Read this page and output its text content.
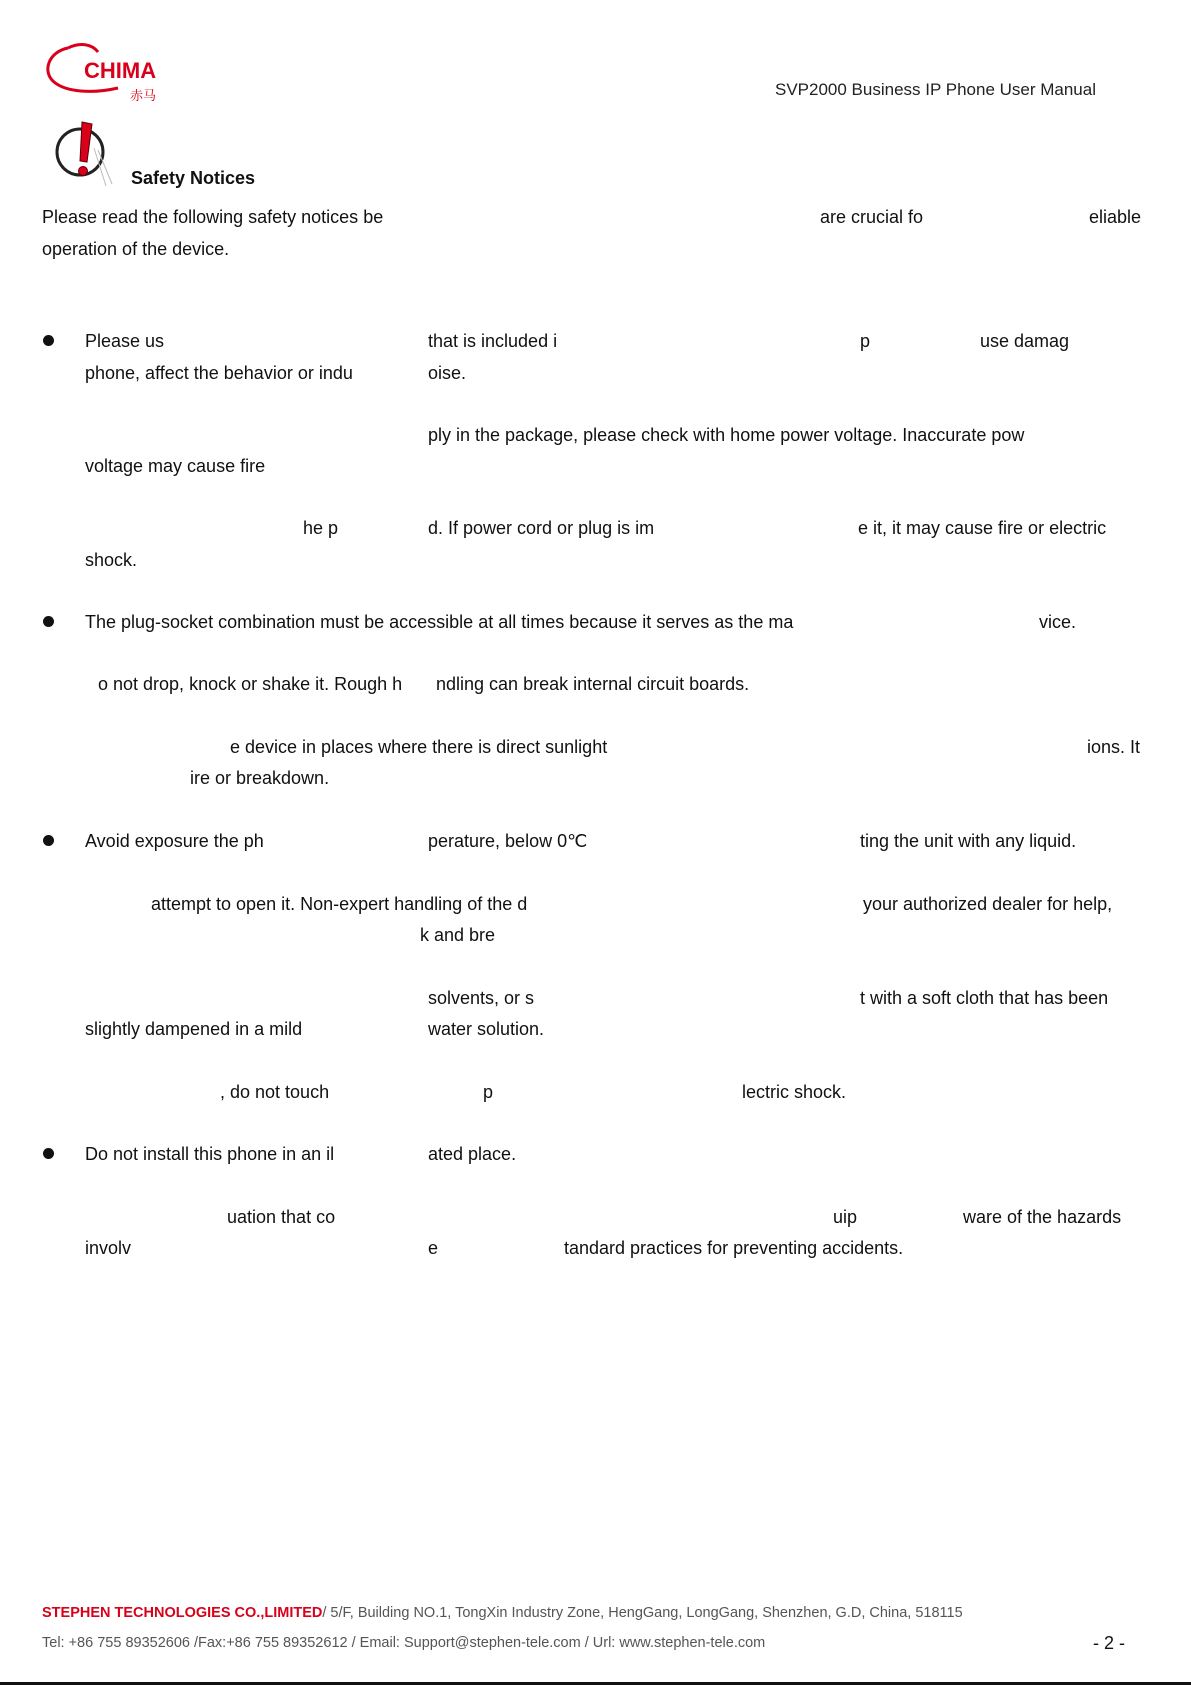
CHIMA
赤马	SVP2000 Business IP Phone User Manual
Safety Notices
Please read the following safety notices be	are crucial fo	eliable
operation of the device.
Please us	that is included i	p	use damag
phone, affect the behavior or indu	oise.
ply in the package, please check with home power voltage. Inaccurate pow
voltage may cause fire
he p	d. If power cord or plug is im	e it, it may cause fire or electric
shock.
The plug-socket combination must be accessible at all times because it serves as the ma	vice.
o not drop, knock or shake it. Rough h ndling can break internal circuit boards.
e device in places where there is direct sunlight	ions. It
ire or breakdown.
Avoid exposure the ph	perature, below 0℃	ting the unit with any liquid.
attempt to open it. Non-expert handling of the d	your authorized dealer for help,
k and bre
solvents, or s	t with a soft cloth that has been
slightly dampened in a mild	water solution.
, do not touch	p	lectric shock.
Do not install this phone in an il	ated place.
uation that co	uip	ware of the hazards
involv	e	tandard practices for preventing accidents.
STEPHEN TECHNOLOGIES CO.,LIMITED/ 5/F, Building NO.1, TongXin Industry Zone, HengGang, LongGang, Shenzhen, G.D, China, 518115
Tel: +86 755 89352606 /Fax:+86 755 89352612 / Email: Support@stephen-tele.com / Url: www.stephen-tele.com	- 2 -
